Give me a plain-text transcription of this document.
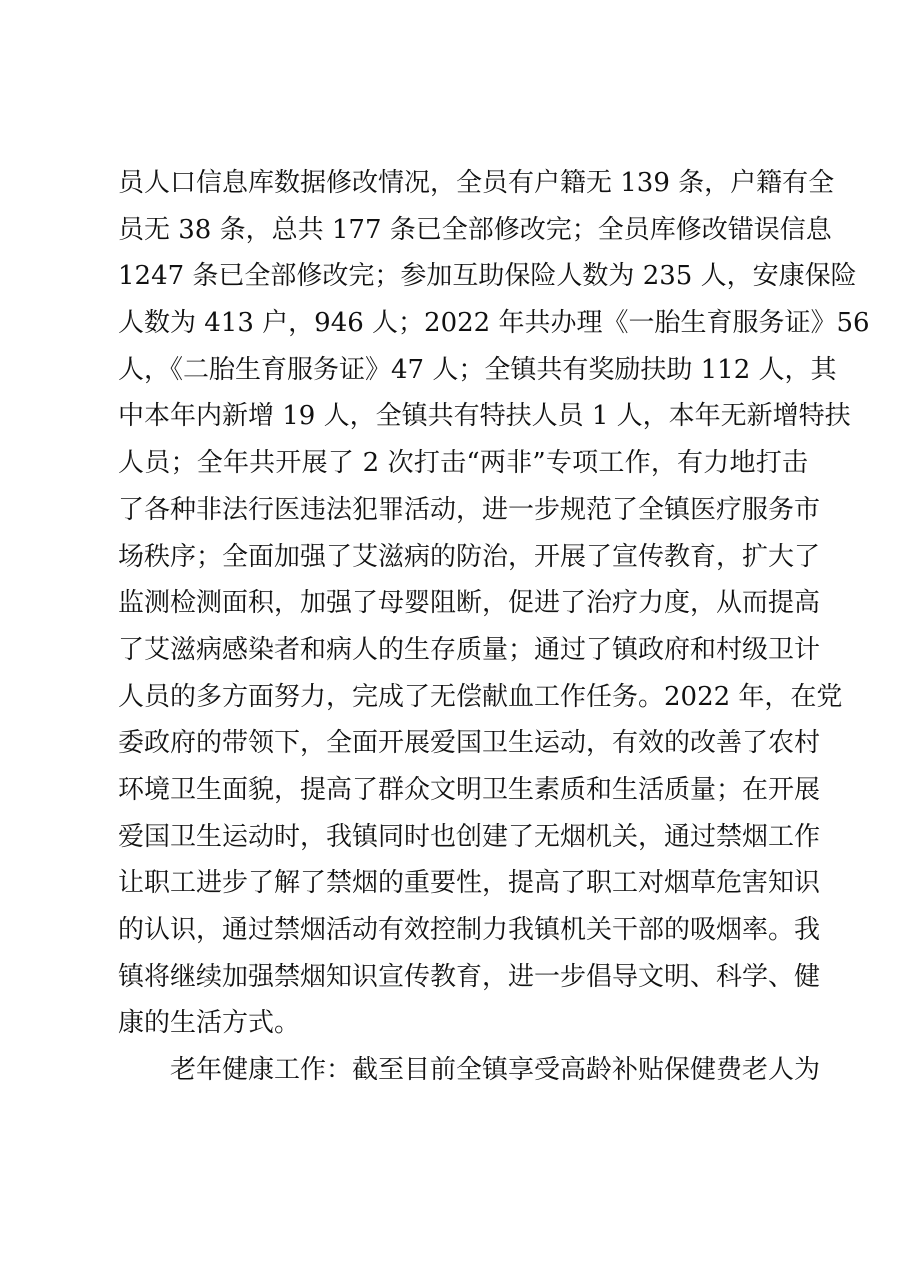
员人口信息库数据修改情况，全员有户籍无 139 条，户籍有全
员无 38 条，总共 177 条已全部修改完；全员库修改错误信息
1247 条已全部修改完；参加互助保险人数为 235 人，安康保险
人数为 413 户，946 人；2022 年共办理《一胎生育服务证》56
人，《二胎生育服务证》47 人；全镇共有奖励扶助 112 人，其
中本年内新增 19 人，全镇共有特扶人员 1 人，本年无新增特扶
人员；全年共开展了 2 次打击“两非”专项工作，有力地打击
了各种非法行医违法犯罪活动，进一步规范了全镇医疗服务市
场秩序；全面加强了艾滋病的防治，开展了宣传教育，扩大了
监测检测面积，加强了母婴阻断，促进了治疗力度，从而提高
了艾滋病感染者和病人的生存质量；通过了镇政府和村级卫计
人员的多方面努力，完成了无偿献血工作任务。2022 年，在党
委政府的带领下，全面开展爱国卫生运动，有效的改善了农村
环境卫生面貌，提高了群众文明卫生素质和生活质量；在开展
爱国卫生运动时，我镇同时也创建了无烟机关，通过禁烟工作
让职工进步了解了禁烟的重要性，提高了职工对烟草危害知识
的认识，通过禁烟活动有效控制力我镇机关干部的吸烟率。我
镇将继续加强禁烟知识宣传教育，进一步倡导文明、科学、健
康的生活方式。
老年健康工作：截至目前全镇享受高龄补贴保健费老人为
